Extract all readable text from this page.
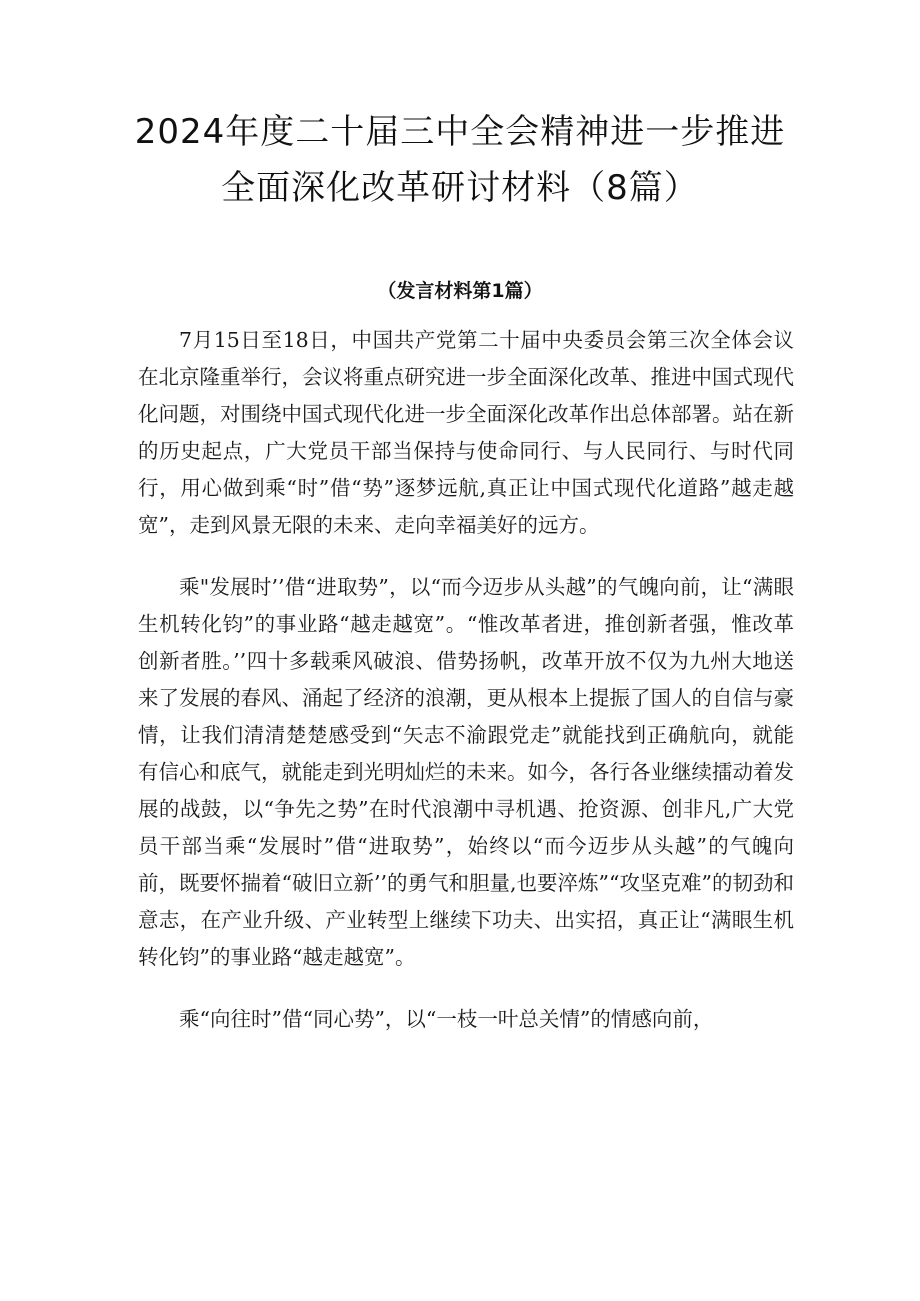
2024年度二十届三中全会精神进一步推进
全面深化改革研讨材料（8篇）
（发言材料第1篇）

7月15日至18日，中国共产党第二十届中央委员会第三次全体会议在北京隆重举行，会议将重点研究进一步全面深化改革、推进中国式现代化问题，对围绕中国式现代化进一步全面深化改革作出总体部署。站在新的历史起点，广大党员干部当保持与使命同行、与人民同行、与时代同行，用心做到乘“时”借“势”逐梦远航,真正让中国式现代化道路”越走越宽”，走到风景无限的未来、走向幸福美好的远方。

乘"发展时’’借“进取势”，以“而今迈步从头越”的气魄向前，让“满眼生机转化钧”的事业路“越走越宽”。“惟改革者进，推创新者强，惟改革创新者胜。’’四十多载乘风破浪、借势扬帆，改革开放不仅为九州大地送来了发展的春风、涌起了经济的浪潮，更从根本上提振了国人的自信与豪情，让我们清清楚楚感受到“矢志不渝跟党走”就能找到正确航向，就能有信心和底气，就能走到光明灿烂的未来。如今，各行各业继续擂动着发展的战鼓，以“争先之势”在时代浪潮中寻机遇、抢资源、创非凡,广大党员干部当乘“发展时”借“进取势”，始终以“而今迈步从头越”的气魄向前，既要怀揣着“破旧立新’’的勇气和胆量,也要淬炼”“攻坚克难”的韧劲和意志，在产业升级、产业转型上继续下功夫、出实招，真正让“满眼生机转化钧”的事业路“越走越宽”。

乘“向往时”借“同心势”，以“一枝一叶总关情”的情感向前，
